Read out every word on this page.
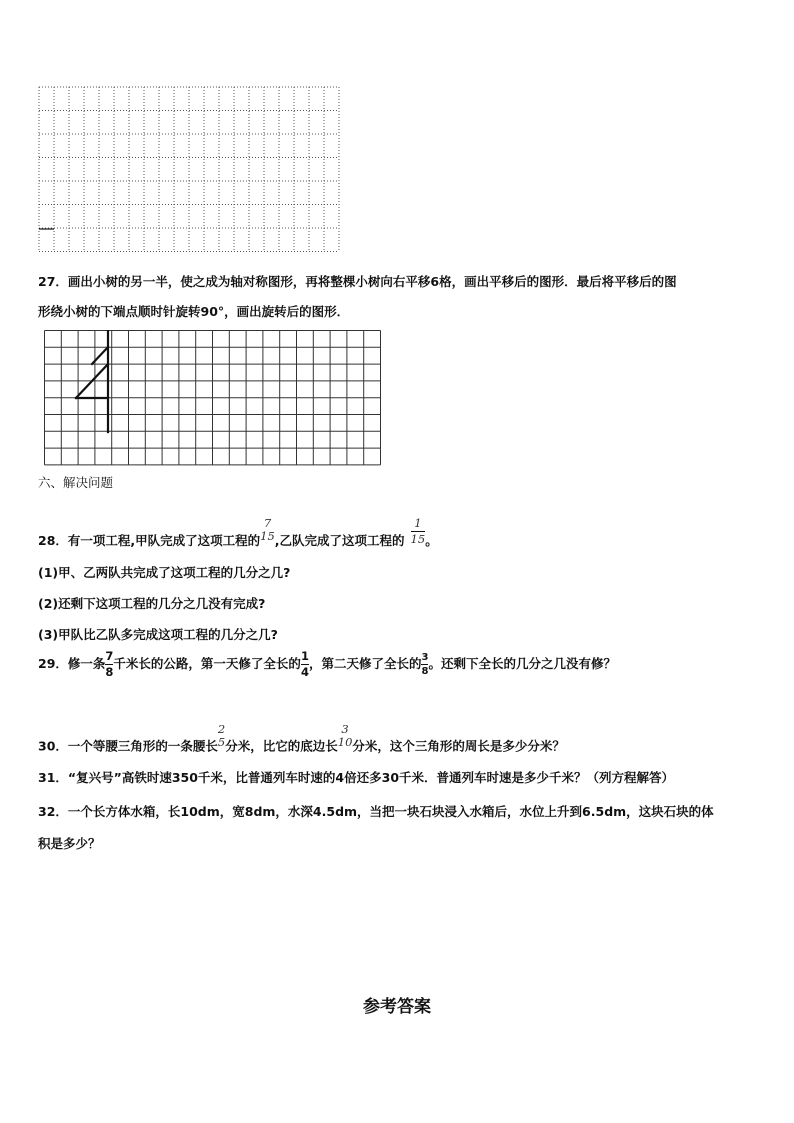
27．画出小树的另一半，使之成为轴对称图形，再将整棵小树向右平移6格，画出平移后的图形．最后将平移后的图
形绕小树的下端点顺时针旋转90°，画出旋转后的图形．
六、解决问题
28．有一项工程,甲队完成了这项工程的
7
15 ,乙队完成了这项工程的 $\frac{1}{15}$ 。
(1)甲、乙两队共完成了这项工程的几分之几?
(2)还剩下这项工程的几分之几没有完成?
(3)甲队比乙队多完成这项工程的几分之几?
29．修一条 $\frac{7}{8}$ 千米长的公路，第一天修了全长的 $\frac{1}{4}$ ，第二天修了全长的 $\frac{3}{8}$ 。还剩下全长的几分之几没有修？
30．一个等腰三角形的一条腰长
2
5 分米，比它的底边长
3
10 分米，这个三角形的周长是多少分米？
31．“复兴号”高铁时速350千米，比普通列车时速的4倍还多30千米．普通列车时速是多少千米？（列方程解答）
32．一个长方体水箱，长10dm，宽8dm，水深4.5dm，当把一块石块浸入水箱后，水位上升到6.5dm，这块石块的体
积是多少？
参考答案
